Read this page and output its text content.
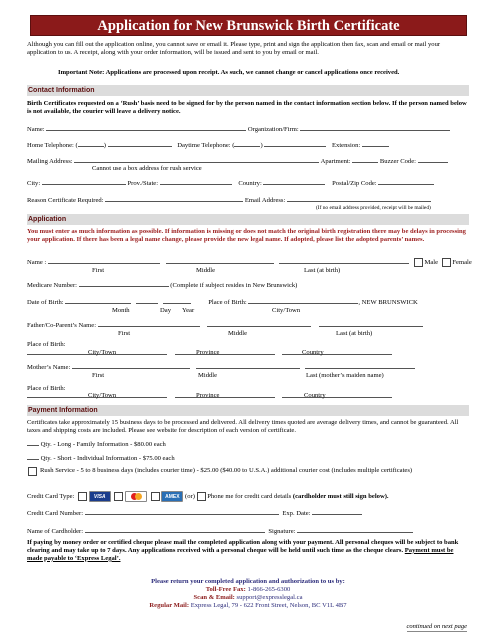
Application for New Brunswick Birth Certificate
Although you can fill out the application online, you cannot save or email it. Please type, print and sign the application then fax, scan and email or mail your application to us. A receipt, along with your order information, will be issued and sent to you by email or mail.
Important Note: Applications are processed upon receipt. As such, we cannot change or cancel applications once received.
Contact Information
Birth Certificates requested on a ‘Rush’ basis need to be signed for by the person named in the contact information section below. If the person named below is not available, the courier will leave a delivery notice.
Name:	Organization/Firm:
Home Telephone: (	)	Daytime Telephone: (	)	Extension:
Mailing Address:	Apartment:	Buzzer Code:
Cannot use a box address for rush service
City:	Prov./State:	Country:	Postal/Zip Code:
Reason Certificate Required:	Email Address:
(If no email address provided, receipt will be mailed)
Application
You must enter as much information as possible. If information is missing or does not match the original birth registration there may be delays in processing your application. If there has been a legal name change, please provide the new legal name. If adopted, please list the adopted parents’ names.
Name :	Male Female
First	Middle	Last (at birth)
Medicare Number:	(Complete if subject resides in New Brunswick)
Date of Birth:	Place of Birth:	, NEW BRUNSWICK
Month	Day Year	City/Town
Father/Co-Parent’s Name:
First	Middle	Last (at birth)
Place of Birth:

City/Town	Province	Country
Mother’s Name:
First	Middle	Last (mother’s maiden name)
Place of Birth:

City/Town	Province	Country
Payment Information
Certificates take approximately 15 business days to be processed and delivered. All delivery times quoted are average delivery times, and cannot be guaranteed. All taxes and shipping costs are included. Please see website for description of each version of certificate.
Qty. - Long - Family Information - $80.00 each
Qty. - Short - Individual Information - $75.00 each
Rush Service - 5 to 8 business days (includes courier time) - $25.00 ($40.00 to U.S.A.) additional courier cost (includes multiple certificates)
Credit Card Type:	VISA	AMEX (or) Phone me for credit card details (cardholder must still sign below).
Credit Card Number:	Exp. Date:
Name of Cardholder:	Signature:
If paying by money order or certified cheque please mail the completed application along with your payment. All personal cheques will be subject to bank clearing and may take up to 7 days. Any applications received with a personal cheque will be held until such time as the cheque clears. Payment must be made payable to ‘Express Legal’.
Please return your completed application and authorization to us by:
Toll-Free Fax: 1-866-265-6300
Scan & Email: support@expresslegal.ca
Regular Mail: Express Legal, 79 - 622 Front Street, Nelson, BC V1L 4B7
continued on next page
